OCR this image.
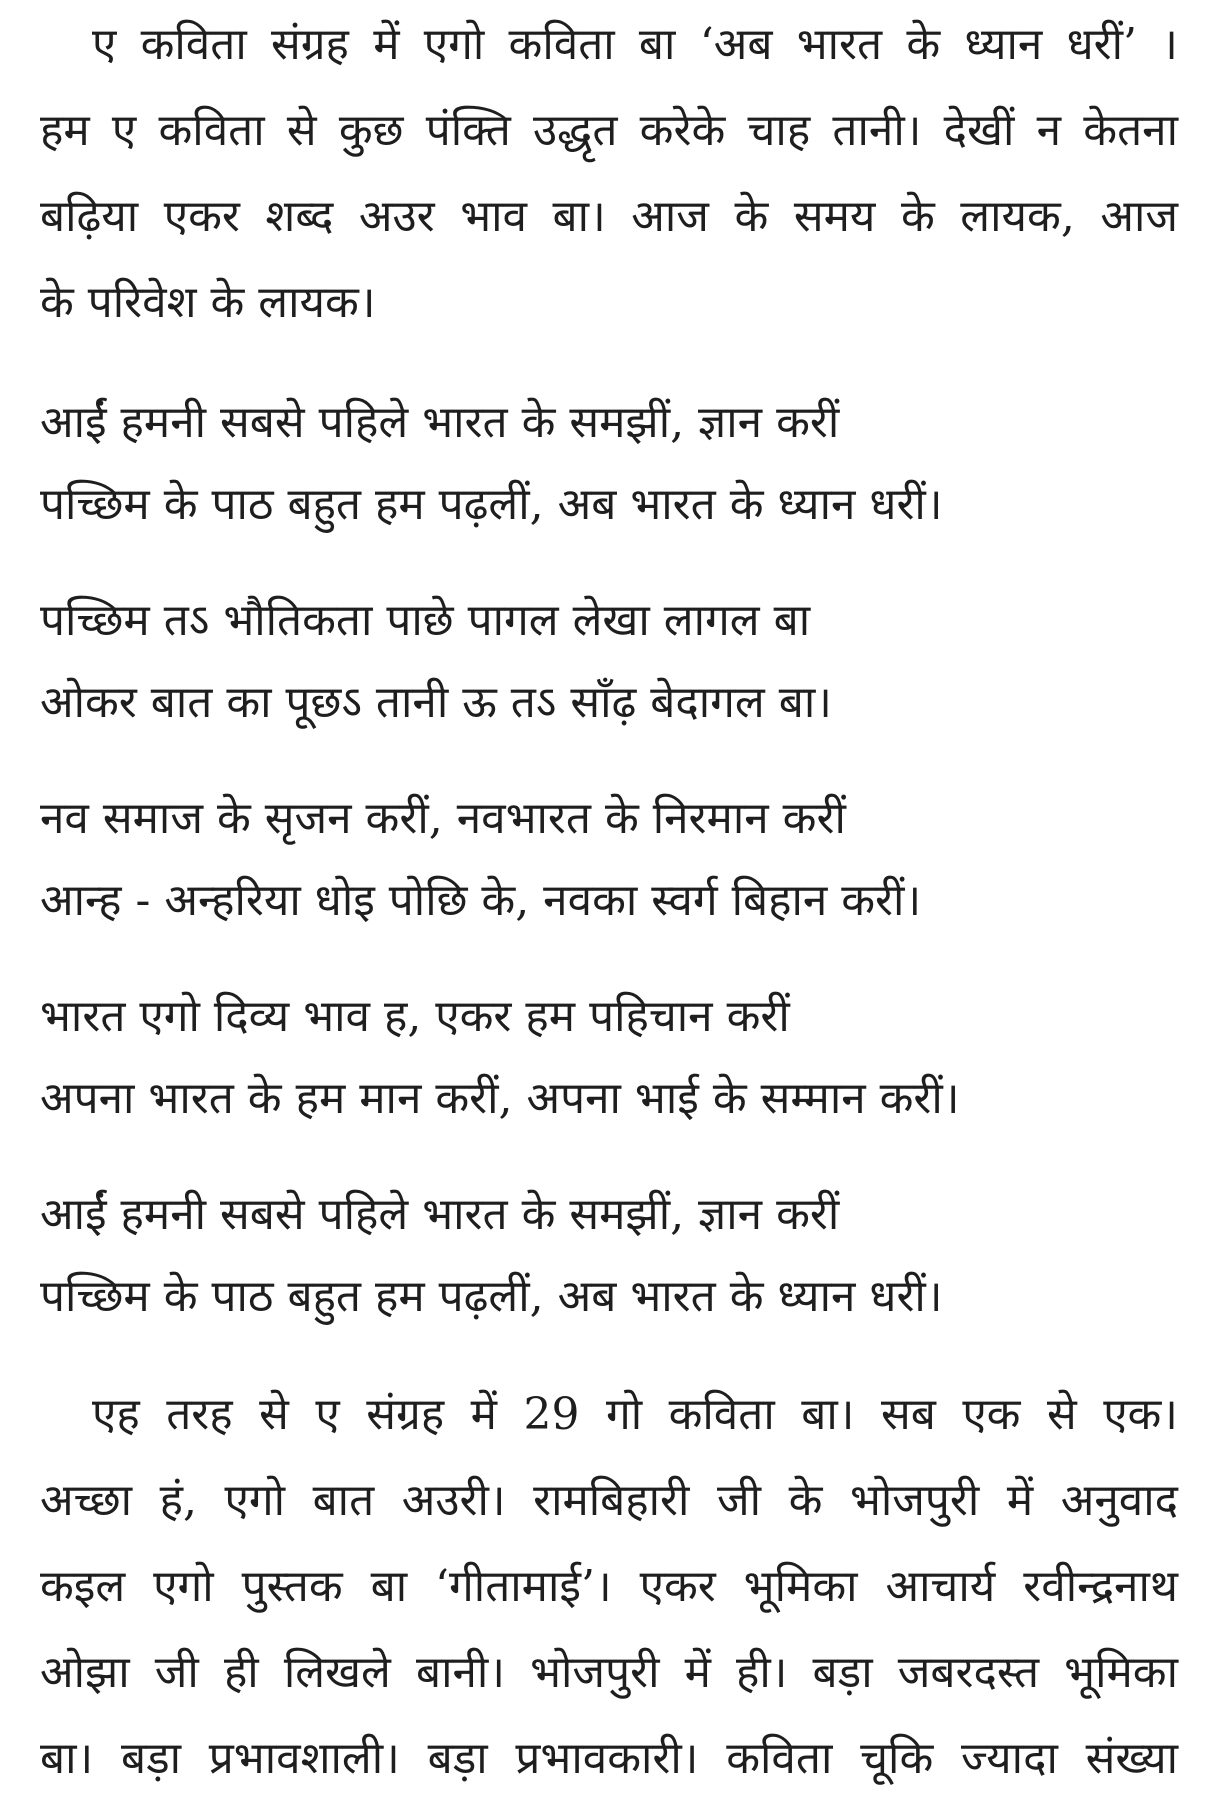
ए कविता संग्रह में एगो कविता बा ‘अब भारत के ध्यान धरीं’ ।
हम ए कविता से कुछ पंक्ति उद्धृत करेके चाह तानी। देखीं न केतना
बढ़िया एकर शब्द अउर भाव बा। आज के समय के लायक, आज
के परिवेश के लायक।
आईं हमनी सबसे पहिले भारत के समझीं, ज्ञान करीं
पच्छिम के पाठ बहुत हम पढ़लीं, अब भारत के ध्यान धरीं।
पच्छिम तऽ भौतिकता पाछे पागल लेखा लागल बा
ओकर बात का पूछऽ तानी ऊ तऽ साँढ़ बेदागल बा।
नव समाज के सृजन करीं, नवभारत के निरमान करीं
आन्ह - अन्हरिया धोइ पोछि के, नवका स्वर्ग बिहान करीं।
भारत एगो दिव्य भाव ह, एकर हम पहिचान करीं
अपना भारत के हम मान करीं, अपना भाई के सम्मान करीं।
आईं हमनी सबसे पहिले भारत के समझीं, ज्ञान करीं
पच्छिम के पाठ बहुत हम पढ़लीं, अब भारत के ध्यान धरीं।
एह तरह से ए संग्रह में 29 गो कविता बा। सब एक से एक।
अच्छा हं, एगो बात अउरी। रामबिहारी जी के भोजपुरी में अनुवाद
कइल एगो पुस्तक बा ‘गीतामाई’। एकर भूमिका आचार्य रवीन्द्रनाथ
ओझा जी ही लिखले बानी। भोजपुरी में ही। बड़ा जबरदस्त भूमिका
बा। बड़ा प्रभावशाली। बड़ा प्रभावकारी। कविता चूकि ज्यादा संख्या
